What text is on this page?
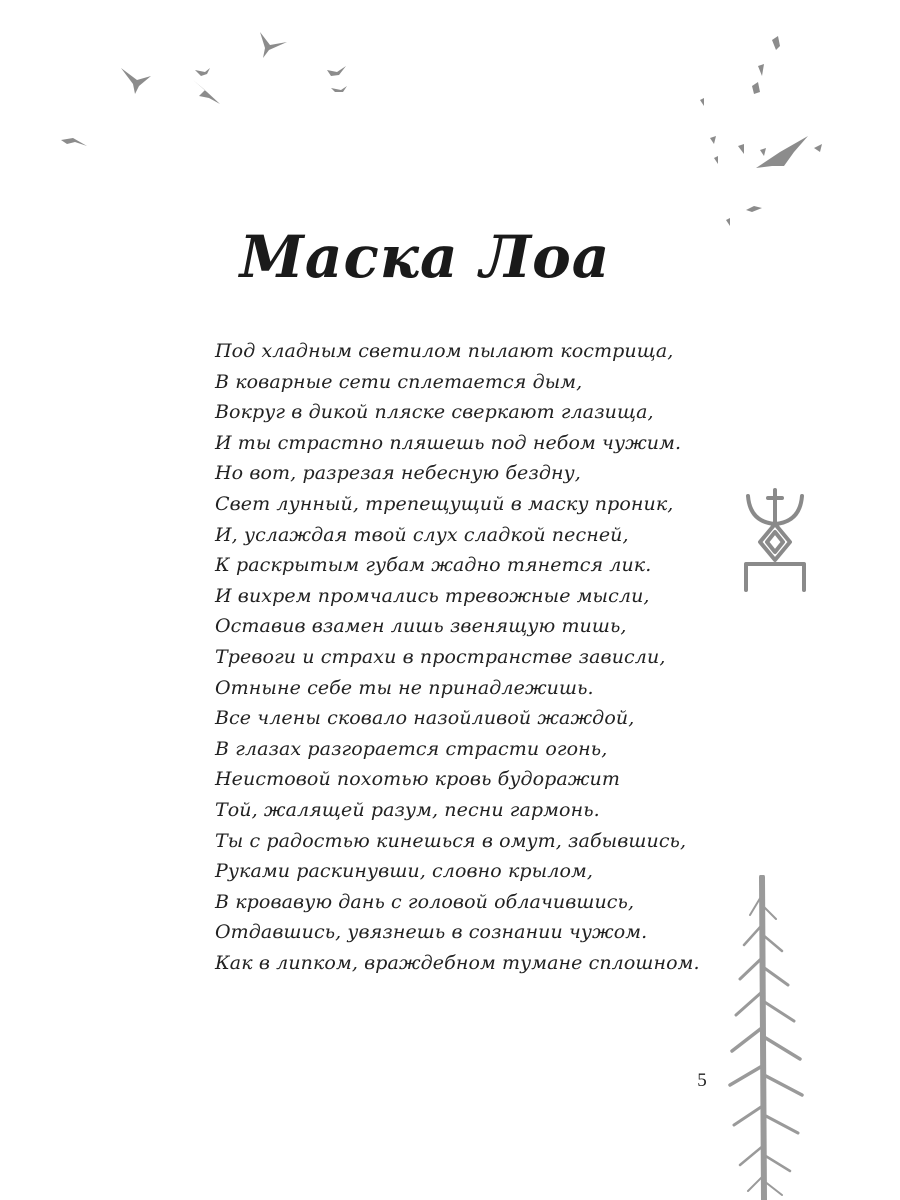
Маска Лоа
Под хладным светилом пылают кострища,
В коварные сети сплетается дым,
Вокруг в дикой пляске сверкают глазища,
И ты страстно пляшешь под небом чужим.
Но вот, разрезая небесную бездну,
Свет лунный, трепещущий в маску проник,
И, услаждая твой слух сладкой песней,
К раскрытым губам жадно тянется лик.
И вихрем промчались тревожные мысли,
Оставив взамен лишь звенящую тишь,
Тревоги и страхи в пространстве зависли,
Отныне себе ты не принадлежишь.
Все члены сковало назойливой жаждой,
В глазах разгорается страсти огонь,
Неистовой похотью кровь будоражит
Той, жалящей разум, песни гармонь.
Ты с радостью кинешься в омут, забывшись,
Руками раскинувши, словно крылом,
В кровавую дань с головой облачившись,
Отдавшись, увязнешь в сознании чужом.
Как в липком, враждебном тумане сплошном.
5
